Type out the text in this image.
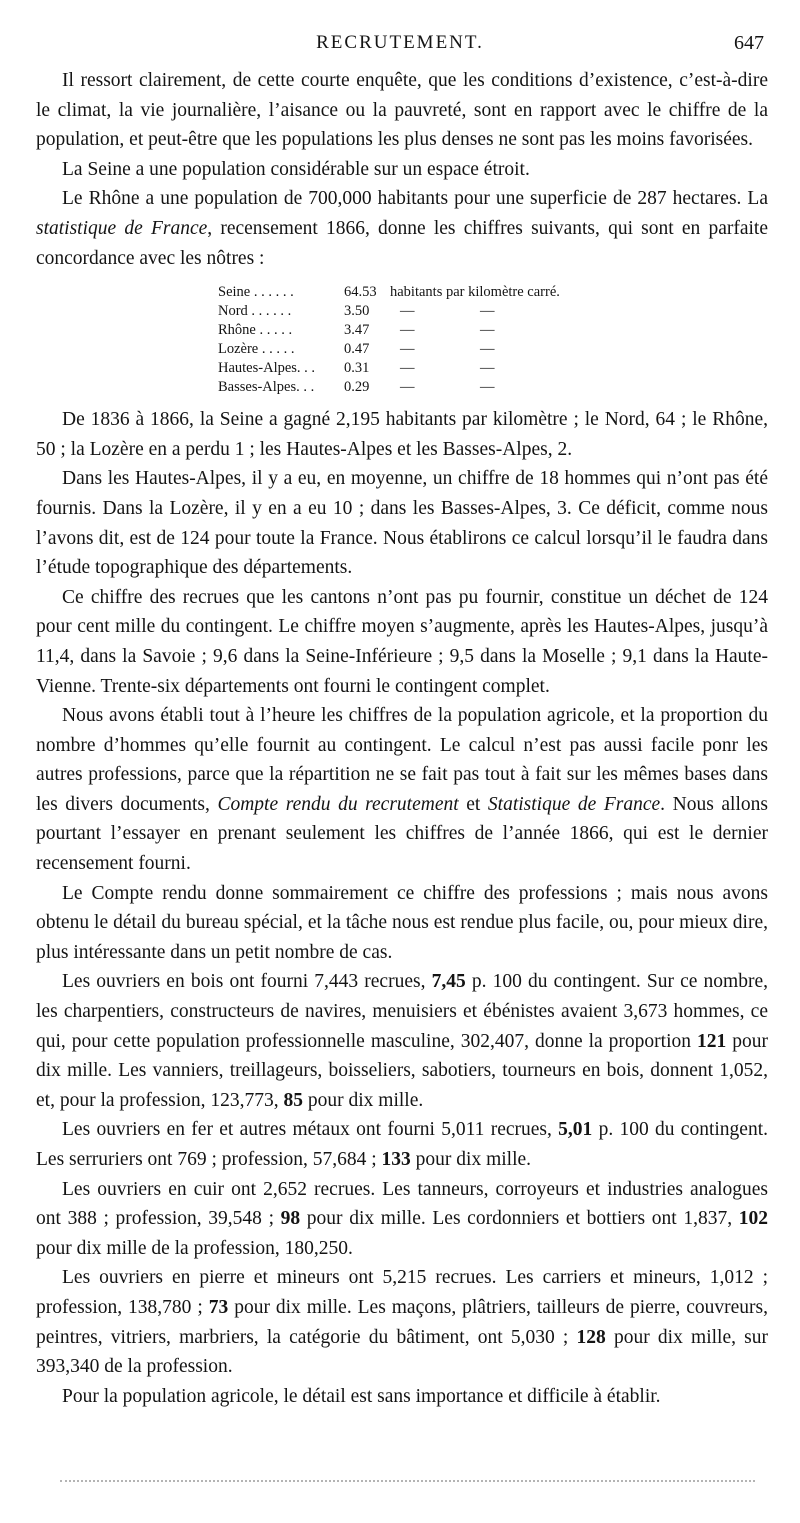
RECRUTEMENT.	647

Il ressort clairement, de cette courte enquête, que les conditions d’existence, c’est-à-dire le climat, la vie journalière, l’aisance ou la pauvreté, sont en rapport avec le chiffre de la population, et peut-être que les populations les plus denses ne sont pas les moins favorisées.

La Seine a une population considérable sur un espace étroit.

Le Rhône a une population de 700,000 habitants pour une superficie de 287 hectares. La statistique de France, recensement 1866, donne les chiffres suivants, qui sont en parfaite concordance avec les nôtres :

Seine . . . . . .	64.53	habitants par kilomètre carré.	
Nord . . . . . .	3.50	—	—
Rhône . . . . .	3.47	—	—
Lozère . . . . .	0.47	—	—
Hautes-Alpes. . .	0.31	—	—
Basses-Alpes. . .	0.29	—	—

De 1836 à 1866, la Seine a gagné 2,195 habitants par kilomètre ; le Nord, 64 ; le Rhône, 50 ; la Lozère en a perdu 1 ; les Hautes-Alpes et les Basses-Alpes, 2.

Dans les Hautes-Alpes, il y a eu, en moyenne, un chiffre de 18 hommes qui n’ont pas été fournis. Dans la Lozère, il y en a eu 10 ; dans les Basses-Alpes, 3. Ce déficit, comme nous l’avons dit, est de 124 pour toute la France. Nous établirons ce calcul lorsqu’il le faudra dans l’étude topographique des départements.

Ce chiffre des recrues que les cantons n’ont pas pu fournir, constitue un déchet de 124 pour cent mille du contingent. Le chiffre moyen s’augmente, après les Hautes-Alpes, jusqu’à 11,4, dans la Savoie ; 9,6 dans la Seine-Inférieure ; 9,5 dans la Moselle ; 9,1 dans la Haute-Vienne. Trente-six départements ont fourni le contingent complet.

Nous avons établi tout à l’heure les chiffres de la population agricole, et la proportion du nombre d’hommes qu’elle fournit au contingent. Le calcul n’est pas aussi facile ponr les autres professions, parce que la répartition ne se fait pas tout à fait sur les mêmes bases dans les divers documents, Compte rendu du recrutement et Statistique de France. Nous allons pourtant l’essayer en prenant seulement les chiffres de l’année 1866, qui est le dernier recensement fourni.

Le Compte rendu donne sommairement ce chiffre des professions ; mais nous avons obtenu le détail du bureau spécial, et la tâche nous est rendue plus facile, ou, pour mieux dire, plus intéressante dans un petit nombre de cas.

Les ouvriers en bois ont fourni 7,443 recrues, 7,45 p. 100 du contingent. Sur ce nombre, les charpentiers, constructeurs de navires, menuisiers et ébénistes avaient 3,673 hommes, ce qui, pour cette population professionnelle masculine, 302,407, donne la proportion 121 pour dix mille. Les vanniers, treillageurs, boisseliers, sabotiers, tourneurs en bois, donnent 1,052, et, pour la profession, 123,773, 85 pour dix mille.

Les ouvriers en fer et autres métaux ont fourni 5,011 recrues, 5,01 p. 100 du contingent. Les serruriers ont 769 ; profession, 57,684 ; 133 pour dix mille.

Les ouvriers en cuir ont 2,652 recrues. Les tanneurs, corroyeurs et industries analogues ont 388 ; profession, 39,548 ; 98 pour dix mille. Les cordonniers et bottiers ont 1,837, 102 pour dix mille de la profession, 180,250.

Les ouvriers en pierre et mineurs ont 5,215 recrues. Les carriers et mineurs, 1,012 ; profession, 138,780 ; 73 pour dix mille. Les maçons, plâtriers, tailleurs de pierre, couvreurs, peintres, vitriers, marbriers, la catégorie du bâtiment, ont 5,030 ; 128 pour dix mille, sur 393,340 de la profession.

Pour la population agricole, le détail est sans importance et difficile à établir.
